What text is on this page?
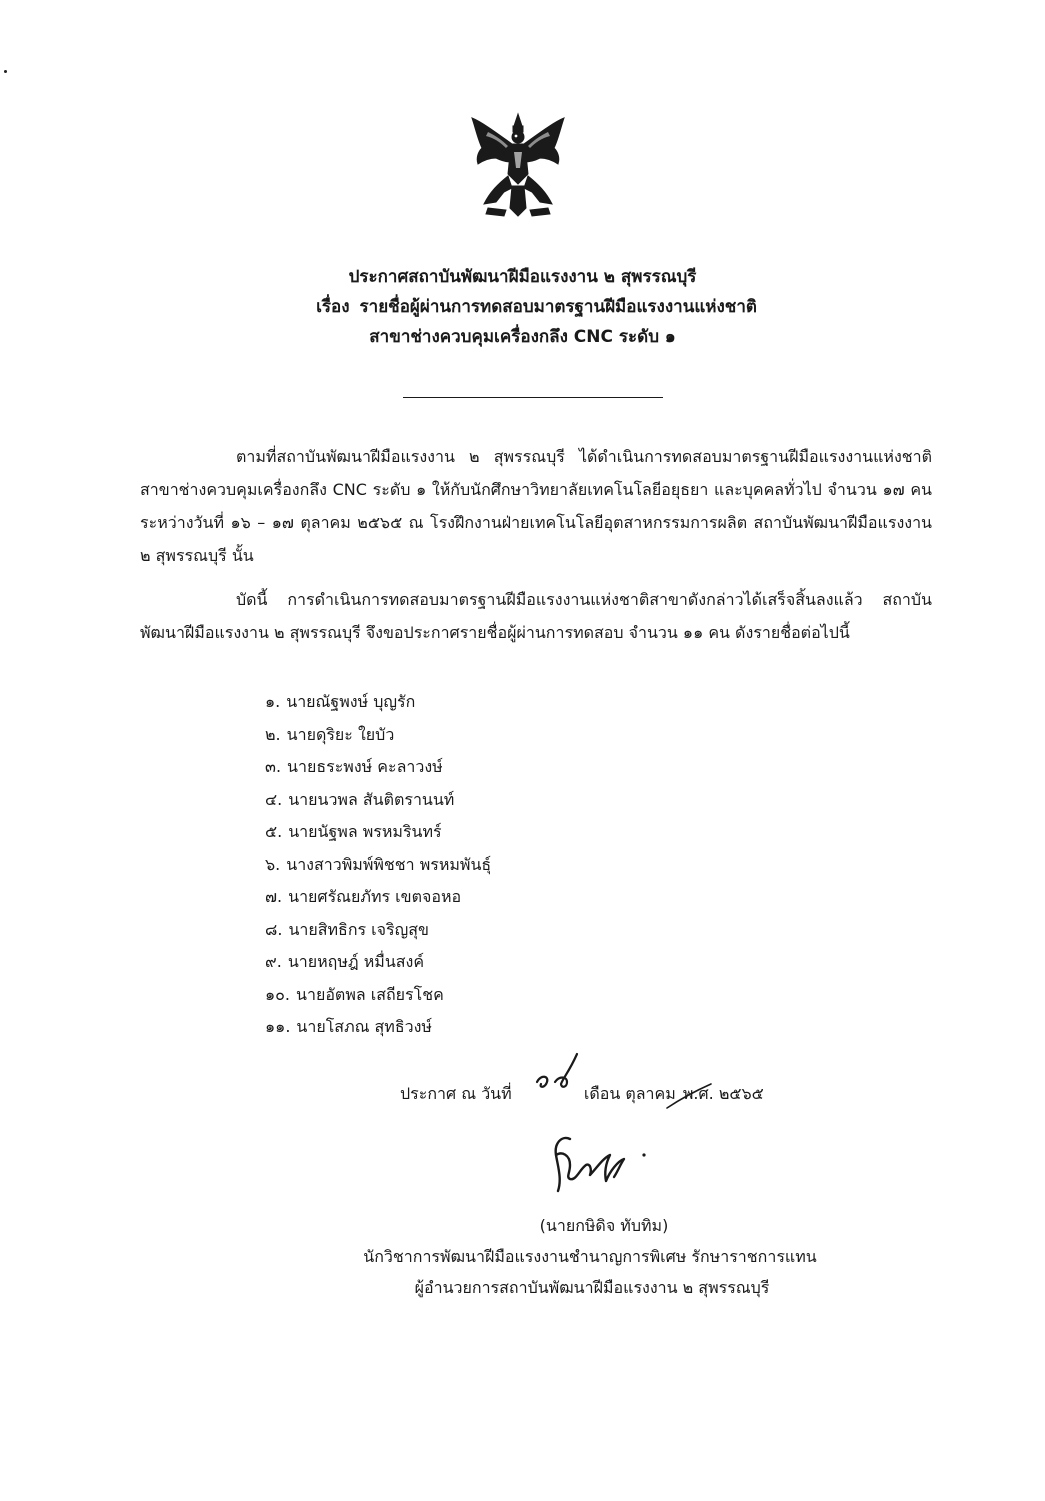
ประกาศสถาบันพัฒนาฝีมือแรงงาน ๒ สุพรรณบุรี
เรื่อง รายชื่อผู้ผ่านการทดสอบมาตรฐานฝีมือแรงงานแห่งชาติ
สาขาช่างควบคุมเครื่องกลึง CNC ระดับ ๑

ตามที่สถาบันพัฒนาฝีมือแรงงาน ๒ สุพรรณบุรี ได้ดำเนินการทดสอบมาตรฐานฝีมือแรงงานแห่งชาติ สาขาช่างควบคุมเครื่องกลึง CNC ระดับ ๑ ให้กับนักศึกษาวิทยาลัยเทคโนโลยีอยุธยา และบุคคลทั่วไป จำนวน ๑๗ คน ระหว่างวันที่ ๑๖ – ๑๗ ตุลาคม ๒๕๖๕ ณ โรงฝึกงานฝ่ายเทคโนโลยีอุตสาหกรรมการผลิต สถาบันพัฒนาฝีมือแรงงาน ๒ สุพรรณบุรี นั้น

บัดนี้ การดำเนินการทดสอบมาตรฐานฝีมือแรงงานแห่งชาติสาขาดังกล่าวได้เสร็จสิ้นลงแล้ว สถาบันพัฒนาฝีมือแรงงาน ๒ สุพรรณบุรี จึงขอประกาศรายชื่อผู้ผ่านการทดสอบ จำนวน ๑๑ คน ดังรายชื่อต่อไปนี้

๑. นายณัฐพงษ์ บุญรัก
๒. นายดุริยะ ใยบัว
๓. นายธระพงษ์ คะลาวงษ์
๔. นายนวพล สันติตรานนท์
๕. นายนัฐพล พรหมรินทร์
๖. นางสาวพิมพ์พิชชา พรหมพันธุ์
๗. นายศรัณยภัทร เขตจอหอ
๘. นายสิทธิกร เจริญสุข
๙. นายหฤษฎ์ หมื่นสงค์
๑๐. นายอัตพล เสถียรโชค
๑๑. นายโสภณ สุทธิวงษ์
ประกาศ ณ วันที่	เดือน ตุลาคม พ.ศ. ๒๕๖๕
(นายกษิดิจ ทับทิม)
นักวิชาการพัฒนาฝีมือแรงงานชำนาญการพิเศษ รักษาราชการแทน
ผู้อำนวยการสถาบันพัฒนาฝีมือแรงงาน ๒ สุพรรณบุรี
